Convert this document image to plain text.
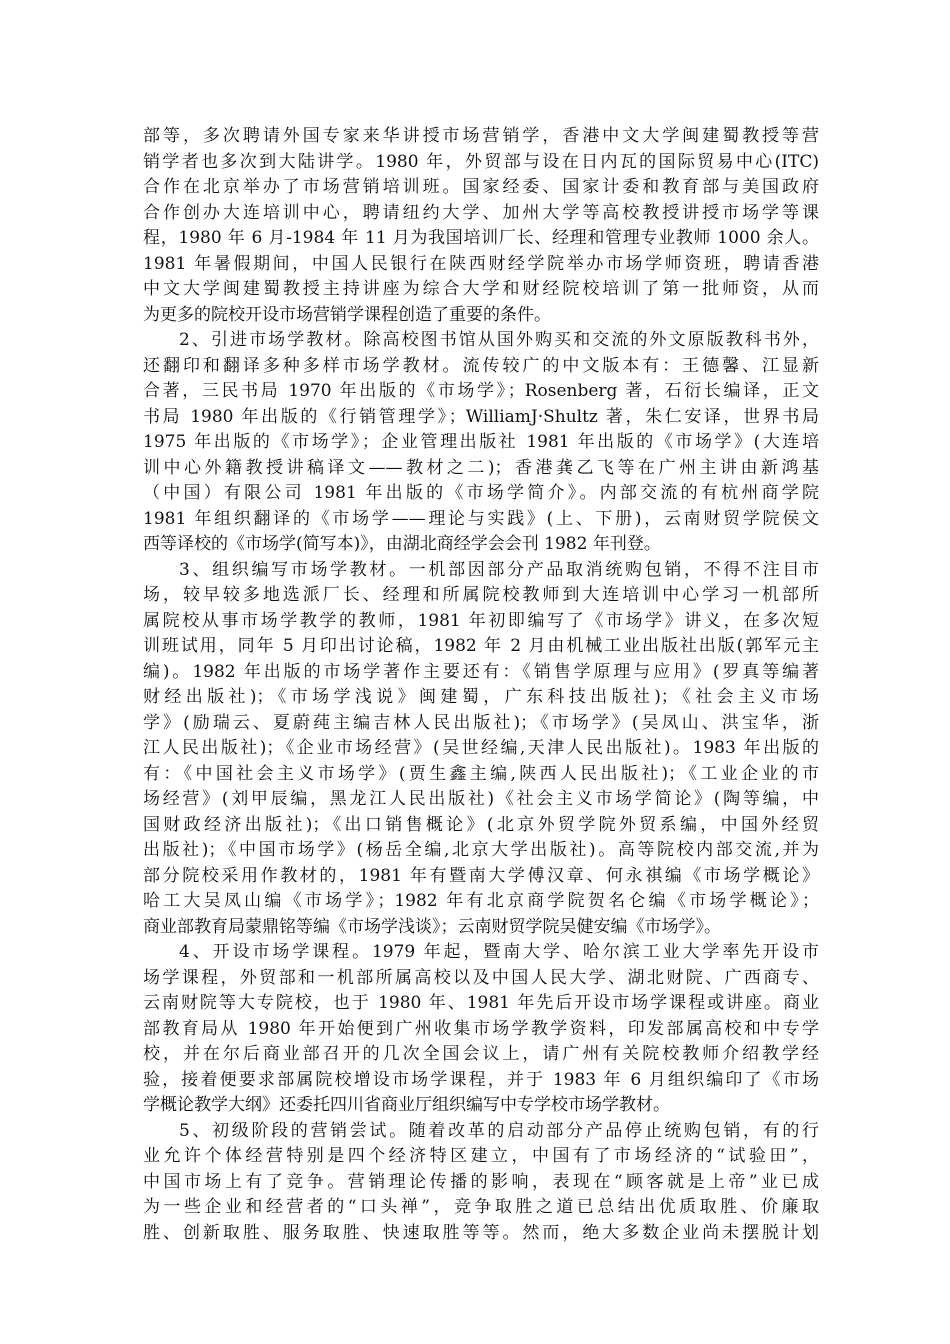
部等，多次聘请外国专家来华讲授市场营销学，香港中文大学闽建蜀教授等营
销学者也多次到大陆讲学。1980 年，外贸部与设在日内瓦的国际贸易中心(ITC)
合作在北京举办了市场营销培训班。国家经委、国家计委和教育部与美国政府
合作创办大连培训中心，聘请纽约大学、加州大学等高校教授讲授市场学等课
程，1980 年 6 月-1984 年 11 月为我国培训厂长、经理和管理专业教师 1000 余人。
1981 年暑假期间，中国人民银行在陕西财经学院举办市场学师资班，聘请香港
中文大学闽建蜀教授主持讲座为综合大学和财经院校培训了第一批师资，从而
为更多的院校开设市场营销学课程创造了重要的条件。
2、引进市场学教材。除高校图书馆从国外购买和交流的外文原版教科书外，
还翻印和翻译多种多样市场学教材。流传较广的中文版本有：王德馨、江显新
合著，三民书局 1970 年出版的《市场学》；Rosenberg 著，石衍长编译，正文
书局 1980 年出版的《行销管理学》；WilliamJ·Shultz 著，朱仁安译，世界书局
1975 年出版的《市场学》；企业管理出版社 1981 年出版的《市场学》(大连培
训中心外籍教授讲稿译文——教材之二)；香港龚乙飞等在广州主讲由新鸿基
（中国）有限公司 1981 年出版的《市场学简介》。内部交流的有杭州商学院
1981 年组织翻译的《市场学——理论与实践》(上、下册)，云南财贸学院侯文
西等译校的《市场学(简写本)》，由湖北商经学会会刊 1982 年刊登。
3、组织编写市场学教材。一机部因部分产品取消统购包销，不得不注目市
场，较早较多地选派厂长、经理和所属院校教师到大连培训中心学习一机部所
属院校从事市场学教学的教师，1981 年初即编写了《市场学》讲义，在多次短
训班试用，同年 5 月印出讨论稿，1982 年 2 月由机械工业出版社出版(郭军元主
编)。1982 年出版的市场学著作主要还有：《销售学原理与应用》(罗真等编著
财经出版社)；《市场学浅说》闽建蜀，广东科技出版社)；《社会主义市场
学》(励瑞云、夏蔚莼主编吉林人民出版社)；《市场学》(吴凤山、洪宝华，浙
江人民出版社)；《企业市场经营》(吴世经编,天津人民出版社)。1983 年出版的
有：《中国社会主义市场学》(贾生鑫主编,陕西人民出版社)；《工业企业的市
场经营》(刘甲辰编，黑龙江人民出版社)《社会主义市场学简论》(陶等编，中
国财政经济出版社)；《出口销售概论》(北京外贸学院外贸系编，中国外经贸
出版社)；《中国市场学》(杨岳全编,北京大学出版社)。高等院校内部交流,并为
部分院校采用作教材的，1981 年有暨南大学傅汉章、何永祺编《市场学概论》
哈工大吴凤山编《市场学》；1982 年有北京商学院贺名仑编《市场学概论》；
商业部教育局蒙鼎铭等编《市场学浅谈》；云南财贸学院吴健安编《市场学》。
4、开设市场学课程。1979 年起，暨南大学、哈尔滨工业大学率先开设市
场学课程，外贸部和一机部所属高校以及中国人民大学、湖北财院、广西商专、
云南财院等大专院校，也于 1980 年、1981 年先后开设市场学课程或讲座。商业
部教育局从 1980 年开始便到广州收集市场学教学资料，印发部属高校和中专学
校，并在尔后商业部召开的几次全国会议上，请广州有关院校教师介绍教学经
验，接着便要求部属院校增设市场学课程，并于 1983 年 6 月组织编印了《市场
学概论教学大纲》还委托四川省商业厅组织编写中专学校市场学教材。
5、初级阶段的营销尝试。随着改革的启动部分产品停止统购包销，有的行
业允许个体经营特别是四个经济特区建立，中国有了市场经济的“试验田”，
中国市场上有了竞争。营销理论传播的影响，表现在“顾客就是上帝”业已成
为一些企业和经营者的“口头禅”，竞争取胜之道已总结出优质取胜、价廉取
胜、创新取胜、服务取胜、快速取胜等等。然而，绝大多数企业尚未摆脱计划
